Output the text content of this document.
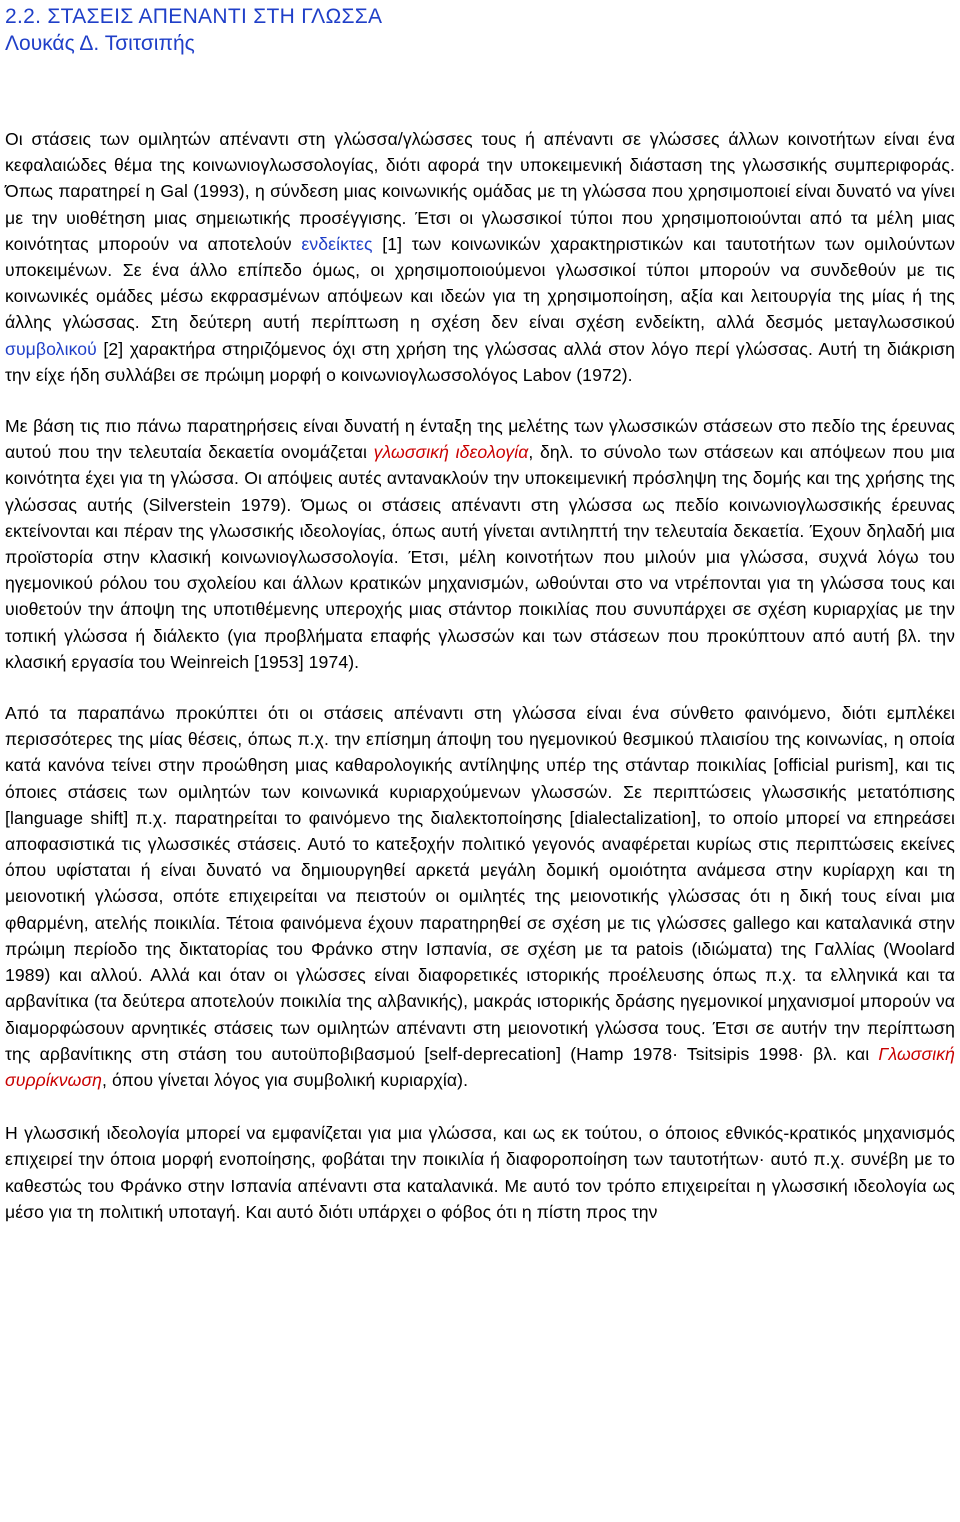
2.2. ΣΤΑΣΕΙΣ ΑΠΕΝΑΝΤΙ ΣΤΗ ΓΛΩΣΣΑ
Λουκάς Δ. Τσιτσιπής

Οι στάσεις των ομιλητών απέναντι στη γλώσσα/γλώσσες τους ή απέναντι σε γλώσσες άλλων κοινοτήτων είναι ένα κεφαλαιώδες θέμα της κοινωνιογλωσσολογίας, διότι αφορά την υποκειμενική διάσταση της γλωσσικής συμπεριφοράς. Όπως παρατηρεί η Gal (1993), η σύνδεση μιας κοινωνικής ομάδας με τη γλώσσα που χρησιμοποιεί είναι δυνατό να γίνει με την υιοθέτηση μιας σημειωτικής προσέγγισης. Έτσι οι γλωσσικοί τύποι που χρησιμοποιούνται από τα μέλη μιας κοινότητας μπορούν να αποτελούν ενδείκτες [1] των κοινωνικών χαρακτηριστικών και ταυτοτήτων των ομιλούντων υποκειμένων. Σε ένα άλλο επίπεδο όμως, οι χρησιμοποιούμενοι γλωσσικοί τύποι μπορούν να συνδεθούν με τις κοινωνικές ομάδες μέσω εκφρασμένων απόψεων και ιδεών για τη χρησιμοποίηση, αξία και λειτουργία της μίας ή της άλλης γλώσσας. Στη δεύτερη αυτή περίπτωση η σχέση δεν είναι σχέση ενδείκτη, αλλά δεσμός μεταγλωσσικού συμβολικού [2] χαρακτήρα στηριζόμενος όχι στη χρήση της γλώσσας αλλά στον λόγο περί γλώσσας. Αυτή τη διάκριση την είχε ήδη συλλάβει σε πρώιμη μορφή ο κοινωνιογλωσσολόγος Labov (1972).

Με βάση τις πιο πάνω παρατηρήσεις είναι δυνατή η ένταξη της μελέτης των γλωσσικών στάσεων στο πεδίο της έρευνας αυτού που την τελευταία δεκαετία ονομάζεται γλωσσική ιδεολογία, δηλ. το σύνολο των στάσεων και απόψεων που μια κοινότητα έχει για τη γλώσσα. Οι απόψεις αυτές αντανακλούν την υποκειμενική πρόσληψη της δομής και της χρήσης της γλώσσας αυτής (Silverstein 1979). Όμως οι στάσεις απέναντι στη γλώσσα ως πεδίο κοινωνιογλωσσικής έρευνας εκτείνονται και πέραν της γλωσσικής ιδεολογίας, όπως αυτή γίνεται αντιληπτή την τελευταία δεκαετία. Έχουν δηλαδή μια προϊστορία στην κλασική κοινωνιογλωσσολογία. Έτσι, μέλη κοινοτήτων που μιλούν μια γλώσσα, συχνά λόγω του ηγεμονικού ρόλου του σχολείου και άλλων κρατικών μηχανισμών, ωθούνται στο να ντρέπονται για τη γλώσσα τους και υιοθετούν την άποψη της υποτιθέμενης υπεροχής μιας στάντορ ποικιλίας που συνυπάρχει σε σχέση κυριαρχίας με την τοπική γλώσσα ή διάλεκτο (για προβλήματα επαφής γλωσσών και των στάσεων που προκύπτουν από αυτή βλ. την κλασική εργασία του Weinreich [1953] 1974).

Από τα παραπάνω προκύπτει ότι οι στάσεις απέναντι στη γλώσσα είναι ένα σύνθετο φαινόμενο, διότι εμπλέκει περισσότερες της μίας θέσεις, όπως π.χ. την επίσημη άποψη του ηγεμονικού θεσμικού πλαισίου της κοινωνίας, η οποία κατά κανόνα τείνει στην προώθηση μιας καθαρολογικής αντίληψης υπέρ της στάνταρ ποικιλίας [official purism], και τις όποιες στάσεις των ομιλητών των κοινωνικά κυριαρχούμενων γλωσσών. Σε περιπτώσεις γλωσσικής μετατόπισης [language shift] π.χ. παρατηρείται το φαινόμενο της διαλεκτοποίησης [dialectalization], το οποίο μπορεί να επηρεάσει αποφασιστικά τις γλωσσικές στάσεις. Αυτό το κατεξοχήν πολιτικό γεγονός αναφέρεται κυρίως στις περιπτώσεις εκείνες όπου υφίσταται ή είναι δυνατό να δημιουργηθεί αρκετά μεγάλη δομική ομοιότητα ανάμεσα στην κυρίαρχη και τη μειονοτική γλώσσα, οπότε επιχειρείται να πειστούν οι ομιλητές της μειονοτικής γλώσσας ότι η δική τους είναι μια φθαρμένη, ατελής ποικιλία. Τέτοια φαινόμενα έχουν παρατηρηθεί σε σχέση με τις γλώσσες gallego και καταλανικά στην πρώιμη περίοδο της δικτατορίας του Φράνκο στην Ισπανία, σε σχέση με τα patois (ιδιώματα) της Γαλλίας (Woolard 1989) και αλλού. Αλλά και όταν οι γλώσσες είναι διαφορετικές ιστορικής προέλευσης όπως π.χ. τα ελληνικά και τα αρβανίτικα (τα δεύτερα αποτελούν ποικιλία της αλβανικής), μακράς ιστορικής δράσης ηγεμονικοί μηχανισμοί μπορούν να διαμορφώσουν αρνητικές στάσεις των ομιλητών απέναντι στη μειονοτική γλώσσα τους. Έτσι σε αυτήν την περίπτωση της αρβανίτικης στη στάση του αυτοϋποβιβασμού [self-deprecation] (Hamp 1978· Tsitsipis 1998· βλ. και Γλωσσική συρρίκνωση, όπου γίνεται λόγος για συμβολική κυριαρχία).

Η γλωσσική ιδεολογία μπορεί να εμφανίζεται για μια γλώσσα, και ως εκ τούτου, ο όποιος εθνικός-κρατικός μηχανισμός επιχειρεί την όποια μορφή ενοποίησης, φοβάται την ποικιλία ή διαφοροποίηση των ταυτοτήτων· αυτό π.χ. συνέβη με το καθεστώς του Φράνκο στην Ισπανία απέναντι στα καταλανικά. Με αυτό τον τρόπο επιχειρείται η γλωσσική ιδεολογία ως μέσο για τη πολιτική υποταγή. Και αυτό διότι υπάρχει ο φόβος ότι η πίστη προς την
